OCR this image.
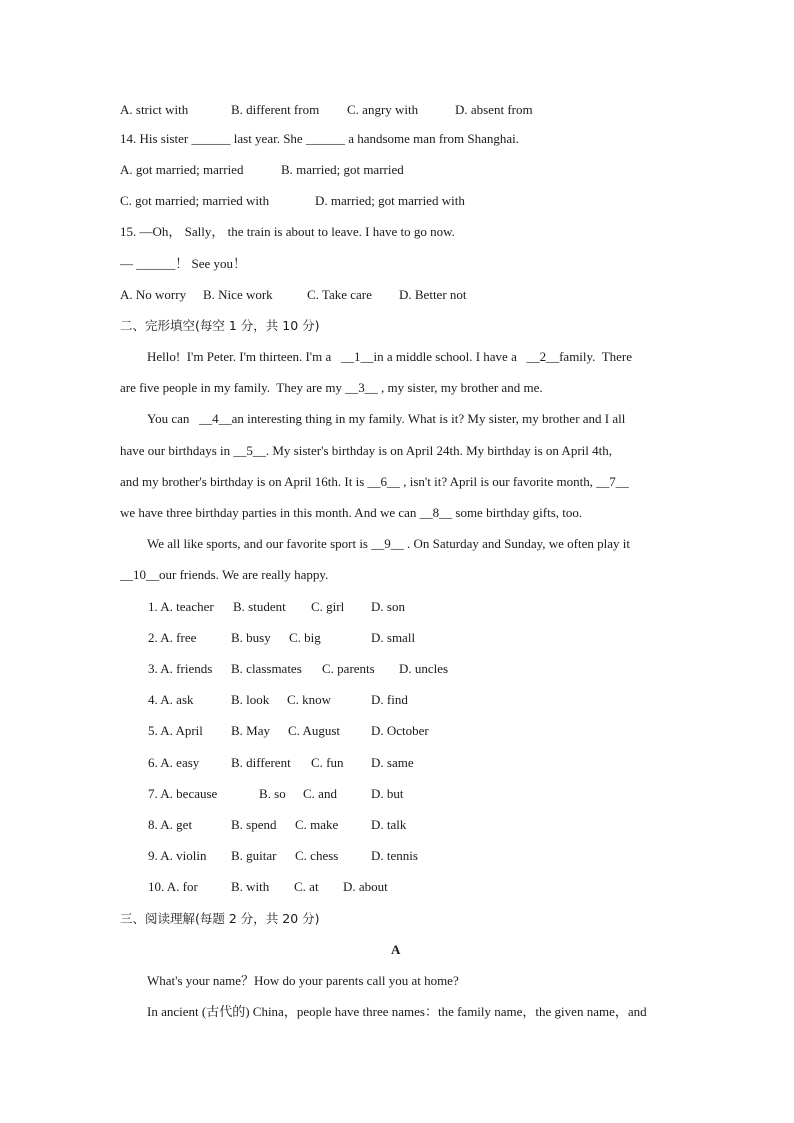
A. strict with	B. different from C. angry with	D. absent from
14. His sister ______ last year. She ______ a handsome man from Shanghai.
A. got married; married	B. married; got married
C. got married; married with	D. married; got married with
15. —Oh， Sally， the train is about to leave. I have to go now.
— ______！ See you！
A. No worry B. Nice work	C. Take care D. Better not
二、完形填空(每空 1 分，共 10 分)
Hello!  I'm Peter. I'm thirteen. I'm a   __1__in a middle school. I have a   __2__family.  There
are five people in my family.  They are my __3__ , my sister, my brother and me.
You can   __4__an interesting thing in my family. What is it? My sister, my brother and I all
have our birthdays in __5__. My sister's birthday is on April 24th. My birthday is on April 4th,
and my brother's birthday is on April 16th. It is __6__ , isn't it? April is our favorite month, __7__
we have three birthday parties in this month. And we can __8__ some birthday gifts, too.
We all like sports, and our favorite sport is __9__ . On Saturday and Sunday, we often play it
__10__our friends. We are really happy.
1. A. teacher B. student C. girl D. son
2. A. free	B. busy C. big	D. small
3. A. friends B. classmates C. parents D. uncles
4. A. ask	B. look C. know	D. find
5. A. April B. May C. August D. October
6. A. easy B. different C. fun D. same
7. A. because	B. so C. and	D. but
8. A. get	B. spend C. make	D. talk
9. A. violin B. guitar C. chess	D. tennis
10. A. for	B. with C. at D. about
三、阅读理解(每题 2 分，共 20 分)
A
What's your name？How do your parents call you at home?
In ancient (古代的) China，people have three names：the family name，the given name，and
